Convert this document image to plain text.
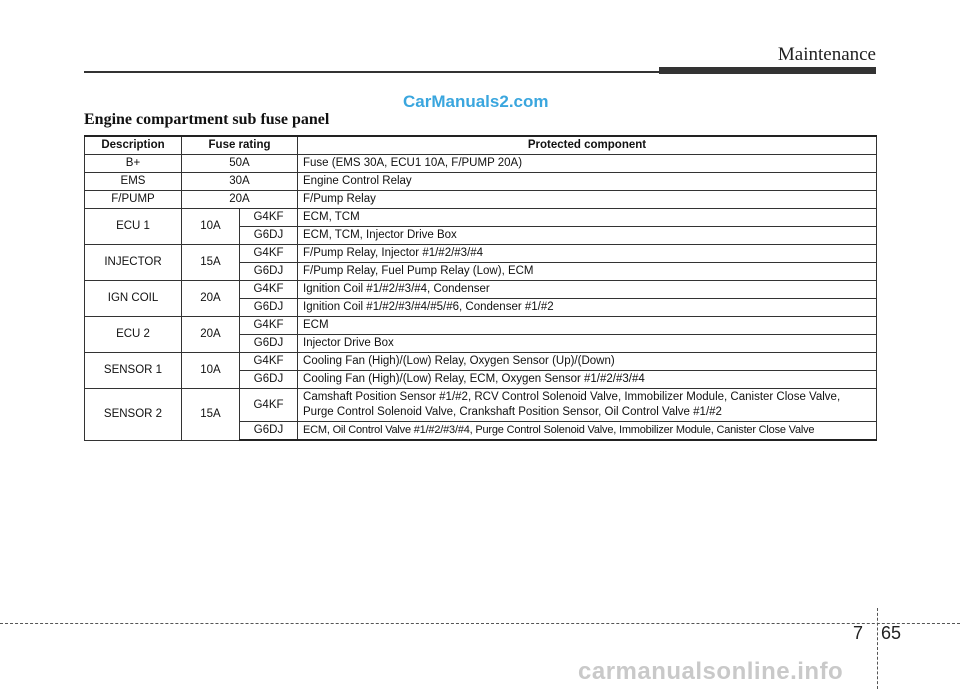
Maintenance
CarManuals2.com
Engine compartment sub fuse panel
Description	Fuse rating		Protected component
B+	50A		Fuse (EMS 30A, ECU1 10A, F/PUMP 20A)
EMS	30A		Engine Control Relay
F/PUMP	20A		F/Pump Relay
ECU 1	10A	G4KF	ECM, TCM
		G6DJ	ECM, TCM, Injector Drive Box
INJECTOR	15A	G4KF	F/Pump Relay, Injector #1/#2/#3/#4
		G6DJ	F/Pump Relay, Fuel Pump Relay (Low), ECM
IGN COIL	20A	G4KF	Ignition Coil #1/#2/#3/#4, Condenser
		G6DJ	Ignition Coil #1/#2/#3/#4/#5/#6, Condenser #1/#2
ECU 2	20A	G4KF	ECM
		G6DJ	Injector Drive Box
SENSOR 1	10A	G4KF	Cooling Fan (High)/(Low) Relay, Oxygen Sensor (Up)/(Down)
		G6DJ	Cooling Fan (High)/(Low) Relay, ECM, Oxygen Sensor #1/#2/#3/#4
SENSOR 2	15A	G4KF	Camshaft Position Sensor #1/#2, RCV Control Solenoid Valve, Immobilizer Module, Canister Close Valve,
Purge Control Solenoid Valve, Crankshaft Position Sensor, Oil Control Valve #1/#2
		G6DJ	ECM, Oil Control Valve #1/#2/#3/#4, Purge Control Solenoid Valve, Immobilizer Module, Canister Close Valve
7 65
carmanualsonline.info
